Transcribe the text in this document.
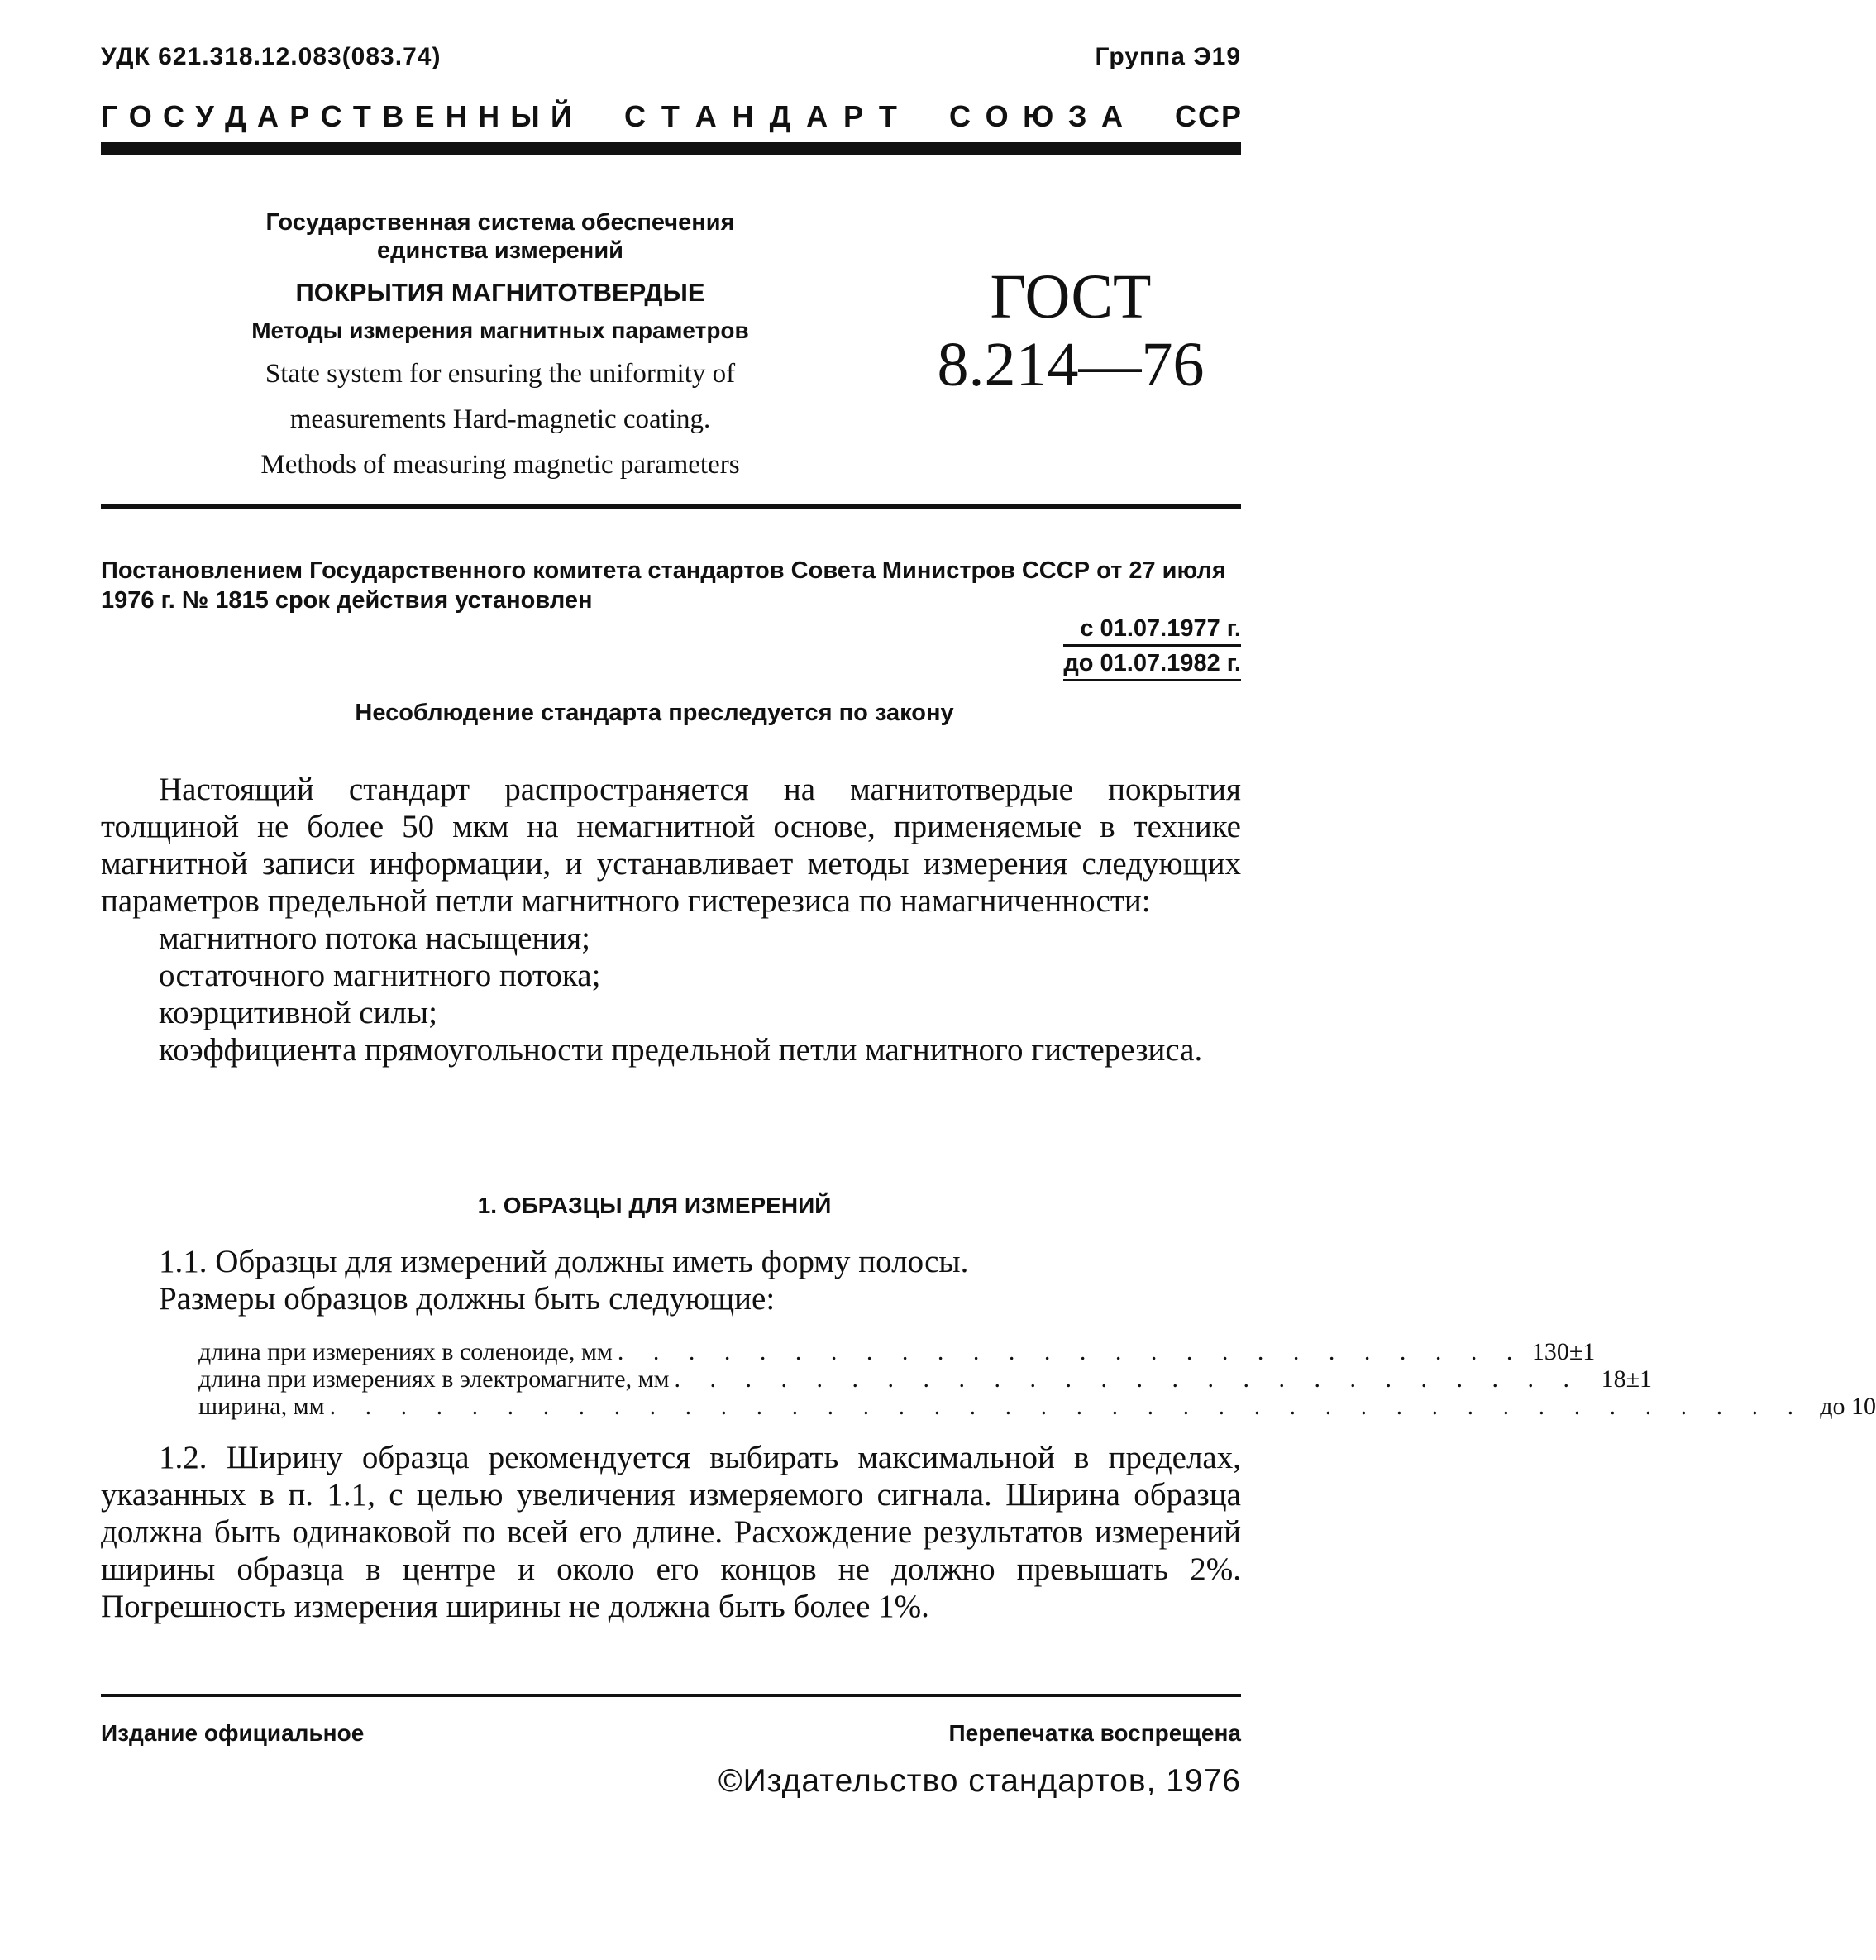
УДК 621.318.12.083(083.74)	Группа Э19
Г О С У Д А Р С Т В Е Н Н Ы Й С Т А Н Д А Р Т С О Ю З А С С Р
Государственная система обеспечения
единства измерений
ПОКРЫТИЯ МАГНИТОТВЕРДЫЕ
Методы измерения магнитных параметров
State system for ensuring the uniformity of
measurements Hard-magnetic coating.
Methods of measuring magnetic parameters
ГОСТ
8.214—76
Постановлением Государственного комитета стандартов Совета Министров СССР от 27 июля 1976 г. № 1815 срок действия установлен
с 01.07.1977 г.
до 01.07.1982 г.
Несоблюдение стандарта преследуется по закону
Настоящий стандарт распространяется на магнитотвердые покрытия толщиной не более 50 мкм на немагнитной основе, применяемые в технике магнитной записи информации, и устанавливает методы измерения следующих параметров предельной петли магнитного гистерезиса по намагниченности:
магнитного потока насыщения;
остаточного магнитного потока;
коэрцитивной силы;
коэффициента прямоугольности предельной петли магнитного гистерезиса.
1. ОБРАЗЦЫ ДЛЯ ИЗМЕРЕНИЙ
1.1. Образцы для измерений должны иметь форму полосы.
Размеры образцов должны быть следующие:
длина при измерениях в соленоиде, мм . . . . . . . . . . . . . . . . . . . . . . . . . . 130±1
длина при измерениях в электромагните, мм . . . . . . . . . . . . . . . . . . . . . . . . . . 18±1
ширина, мм . . . . . . . . . . . . . . . . . . . . . . . . . . . . . . . . . . . . . . . . . . до 10
1.2. Ширину образца рекомендуется выбирать максимальной в пределах, указанных в п. 1.1, с целью увеличения измеряемого сигнала. Ширина образца должна быть одинаковой по всей его длине. Расхождение результатов измерений ширины образца в центре и около его концов не должно превышать 2%. Погрешность измерения ширины не должна быть более 1%.
Издание официальное	Перепечатка воспрещена
©Издательство стандартов, 1976
